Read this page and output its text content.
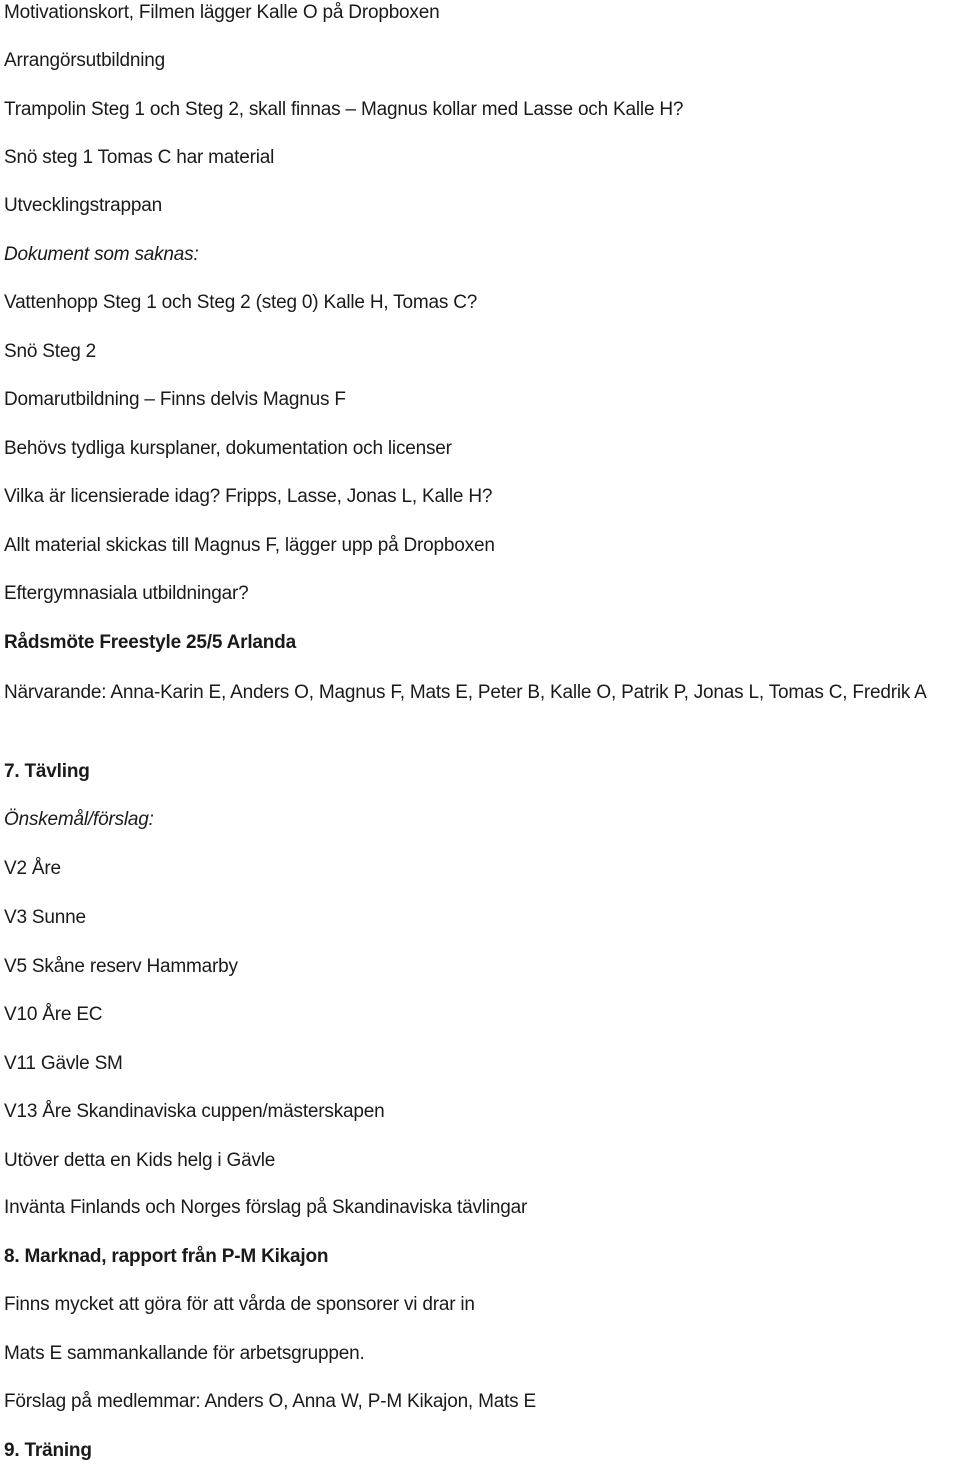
Motivationskort, Filmen lägger Kalle O på Dropboxen
Arrangörsutbildning
Trampolin Steg 1 och Steg 2, skall finnas – Magnus kollar med Lasse och Kalle H?
Snö steg 1 Tomas C har material
Utvecklingstrappan
Dokument som saknas:
Vattenhopp Steg 1 och Steg 2 (steg 0) Kalle H, Tomas C?
Snö Steg 2
Domarutbildning – Finns delvis Magnus F
Behövs tydliga kursplaner, dokumentation och licenser
Vilka är licensierade idag? Fripps, Lasse, Jonas L, Kalle H?
Allt material skickas till Magnus F, lägger upp på Dropboxen
Eftergymnasiala utbildningar?
Rådsmöte Freestyle 25/5 Arlanda
Närvarande: Anna-Karin E, Anders O, Magnus F, Mats E, Peter B, Kalle O, Patrik P, Jonas L, Tomas C, Fredrik A
7. Tävling
Önskemål/förslag:
V2 Åre
V3 Sunne
V5 Skåne reserv Hammarby
V10 Åre EC
V11 Gävle SM
V13 Åre Skandinaviska cuppen/mästerskapen
Utöver detta en Kids helg i Gävle
Invänta Finlands och Norges förslag på Skandinaviska tävlingar
8. Marknad, rapport från P-M Kikajon
Finns mycket att göra för att vårda de sponsorer vi drar in
Mats E sammankallande för arbetsgruppen.
Förslag på medlemmar: Anders O, Anna W, P-M Kikajon, Mats E
9. Träning
